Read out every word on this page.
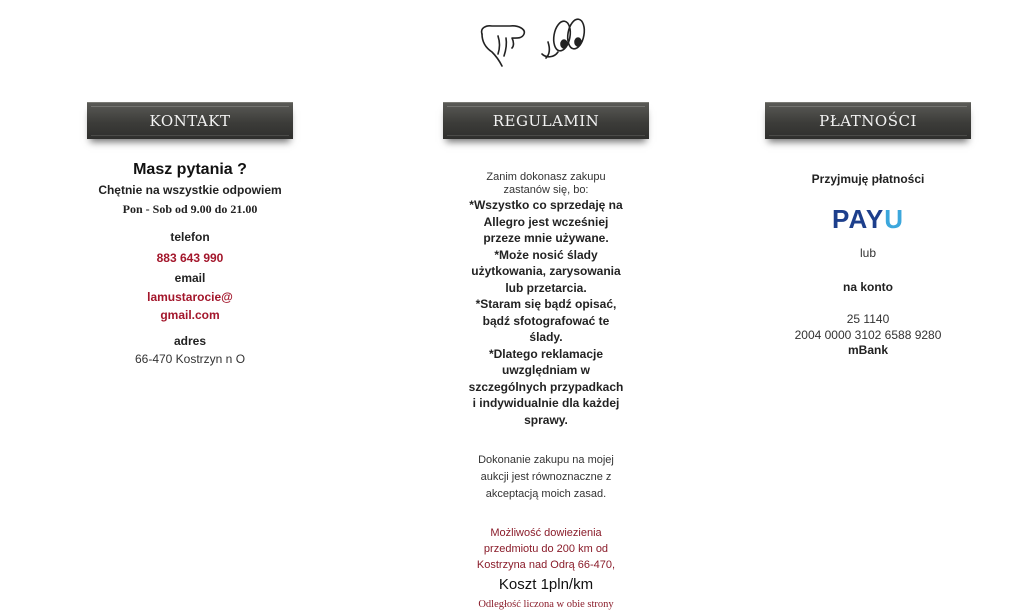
KONTAKT
Masz pytania ?
Chętnie na wszystkie odpowiem
Pon - Sob od 9.00 do 21.00
telefon
883 643 990
email
lamustarocie@
gmail.com
adres
66-470 Kostrzyn n O
REGULAMIN
Zanim dokonasz zakupu
zastanów się, bo:
*Wszystko co sprzedaję na
Allegro jest wcześniej
przeze mnie używane.
*Może nosić ślady
użytkowania, zarysowania
lub przetarcia.
*Staram się bądź opisać,
bądź sfotografować te
ślady.
*Dlatego reklamacje
uwzględniam w
szczególnych przypadkach
i indywidualnie dla każdej
sprawy.
Dokonanie zakupu na mojej
aukcji jest równoznaczne z
akceptacją moich zasad.
Możliwość dowiezienia
przedmiotu do 200 km od
Kostrzyna nad Odrą 66-470,
Koszt 1pln/km
Odległość liczona w obie strony
PŁATNOŚCI
Przyjmuję płatności
PAYU
lub
na konto
25 1140
2004 0000 3102 6588 9280
mBank
